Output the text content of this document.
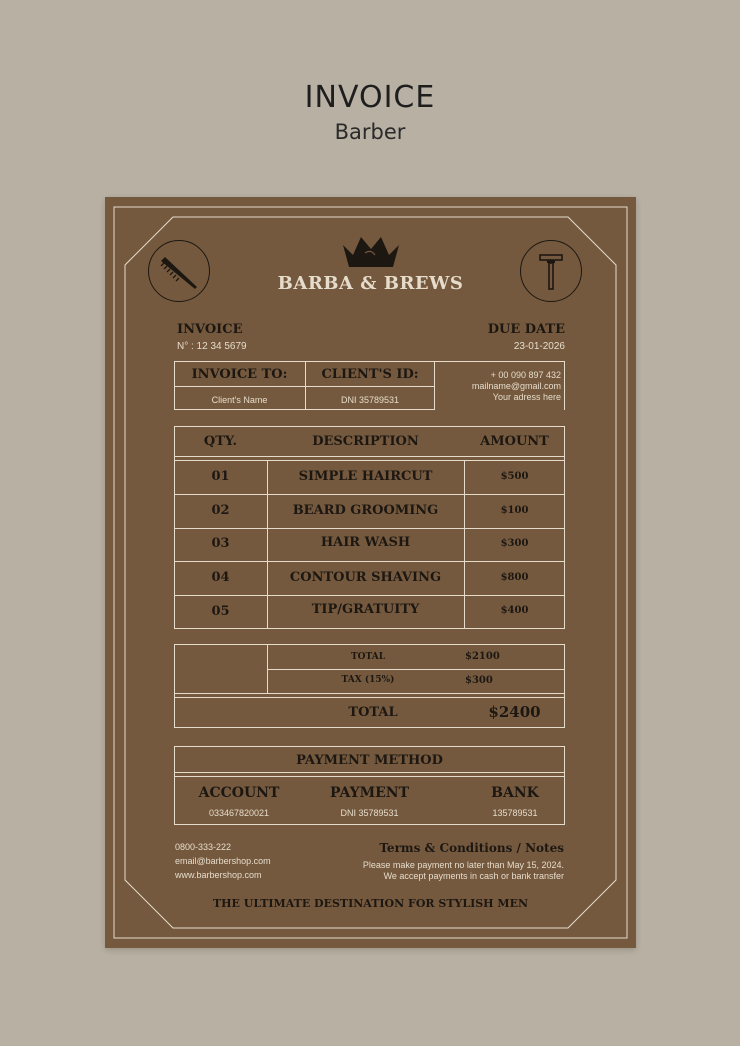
INVOICE
Barber
BARBA & BREWS
INVOICE
N° : 12 34 5679
DUE DATE
23-01-2026
INVOICE TO:	CLIENT'S ID:
Client's Name	DNI 35789531
+ 00 090 897 432
mailname@gmail.com
Your adress here
QTY.	DESCRIPTION	AMOUNT
01	SIMPLE HAIRCUT	$500
02	BEARD GROOMING	$100
03	HAIR WASH	$300
04	CONTOUR SHAVING	$800
05	TIP/GRATUITY	$400
TOTAL	$2100
TAX (15%)	$300
TOTAL	$2400
PAYMENT METHOD
ACCOUNT	PAYMENT	BANK
033467820021	DNI 35789531	135789531
0800-333-222
email@barbershop.com
www.barbershop.com
Terms & Conditions / Notes
Please make payment no later than May 15, 2024.
We accept payments in cash or bank transfer
THE ULTIMATE DESTINATION FOR STYLISH MEN
